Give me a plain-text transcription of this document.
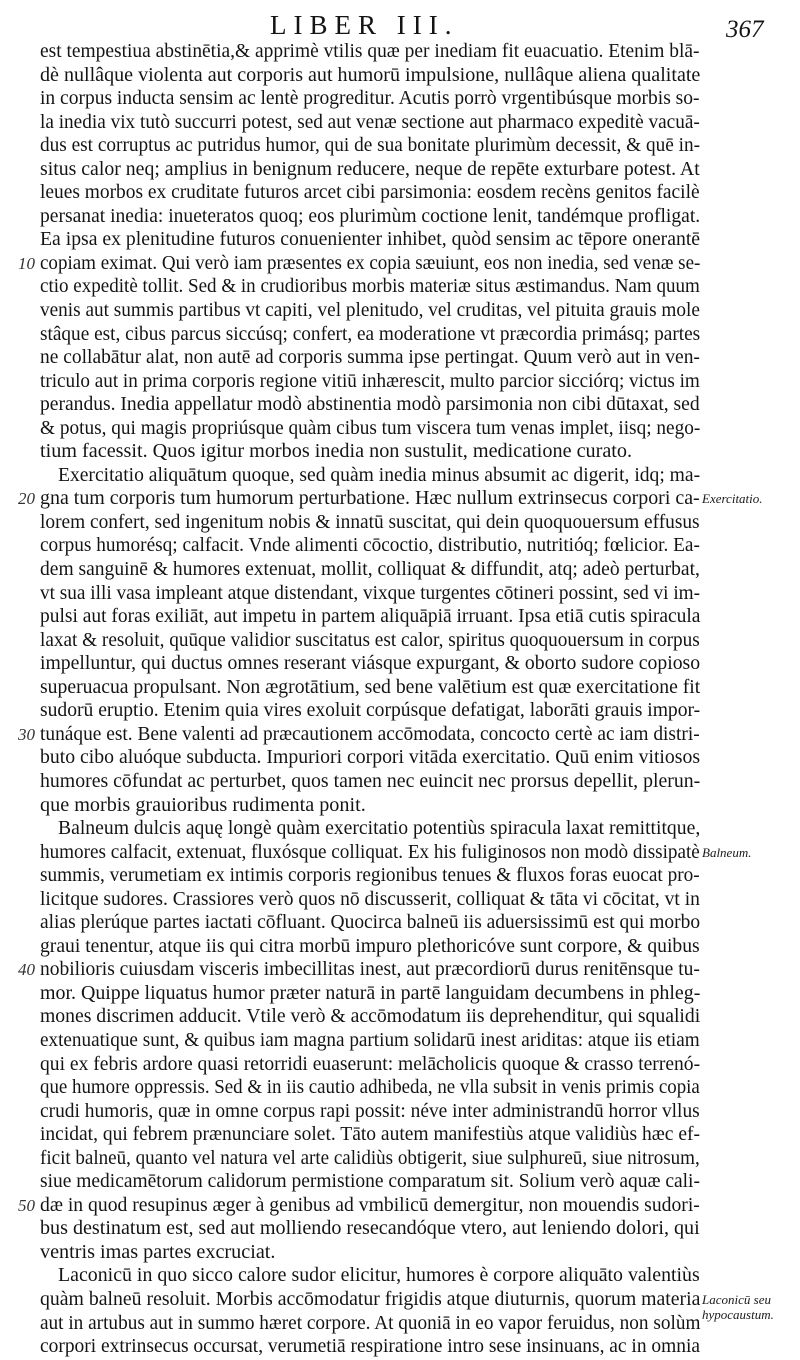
LIBER III.	367
est tempestiua abstinētia,& apprimè vtilis quæ per inediam fit euacuatio. Etenim blā-
dè nullâque violenta aut corporis aut humorū impulsione, nullâque aliena qualitate
in corpus inducta sensim ac lentè progreditur. Acutis porrò vrgentibúsque morbis so-
la inedia vix tutò succurri potest, sed aut venæ sectione aut pharmaco expeditè vacuā-
dus est corruptus ac putridus humor, qui de sua bonitate plurimùm decessit, & quē in-
situs calor neq; amplius in benignum reducere, neque de repēte exturbare potest. At
leues morbos ex cruditate futuros arcet cibi parsimonia: eosdem recèns genitos facilè
persanat inedia: inueteratos quoq; eos plurimùm coctione lenit, tandémque profligat.
Ea ipsa ex plenitudine futuros conuenienter inhibet, quòd sensim ac tēpore onerantē
10 copiam eximat. Qui verò iam præsentes ex copia sæuiunt, eos non inedia, sed venæ se-
ctio expeditè tollit. Sed & in crudioribus morbis materiæ situs æstimandus. Nam quum
venis aut summis partibus vt capiti, vel plenitudo, vel cruditas, vel pituita grauis mole
stâque est, cibus parcus siccúsq; confert, ea moderatione vt præcordia primásq; partes
ne collabātur alat, non autē ad corporis summa ipse pertingat. Quum verò aut in ven-
triculo aut in prima corporis regione vitiū inhærescit, multo parcior sicciórq; victus im
perandus. Inedia appellatur modò abstinentia modò parsimonia non cibi dūtaxat, sed
& potus, qui magis propriúsque quàm cibus tum viscera tum venas implet, iisq; nego-
tium facessit. Quos igitur morbos inedia non sustulit, medicatione curato.
Exercitatio aliquātum quoque, sed quàm inedia minus absumit ac digerit, idq; ma-
20 gna tum corporis tum humorum perturbatione. Hæc nullum extrinsecus corpori ca-
lorem confert, sed ingenitum nobis & innatū suscitat, qui dein quoquouersum effusus
corpus humorésq; calfacit. Vnde alimenti cōcoctio, distributio, nutritióq; fœlicior. Ea-
dem sanguinē & humores extenuat, mollit, colliquat & diffundit, atq; adeò perturbat,
vt sua illi vasa impleant atque distendant, vixque turgentes cōtineri possint, sed vi im-
pulsi aut foras exiliāt, aut impetu in partem aliquāpiā irruant. Ipsa etiā cutis spiracula
laxat & resoluit, quūque validior suscitatus est calor, spiritus quoquouersum in corpus
impelluntur, qui ductus omnes reserant viásque expurgant, & oborto sudore copioso
superuacua propulsant. Non ægrotātium, sed bene valētium est quæ exercitatione fit
sudorū eruptio. Etenim quia vires exoluit corpúsque defatigat, laborāti grauis impor-
30 tunáque est. Bene valenti ad præcautionem accōmodata, concocto certè ac iam distri-
buto cibo aluóque subducta. Impuriori corpori vitāda exercitatio. Quū enim vitiosos
humores cōfundat ac perturbet, quos tamen nec euincit nec prorsus depellit, plerun-
que morbis grauioribus rudimenta ponit.
Balneum dulcis aquę longè quàm exercitatio potentiùs spiracula laxat remittitque,
humores calfacit, extenuat, fluxósque colliquat. Ex his fuliginosos non modò dissipatè
summis, verumetiam ex intimis corporis regionibus tenues & fluxos foras euocat pro-
licitque sudores. Crassiores verò quos nō discusserit, colliquat & tāta vi cōcitat, vt in
alias plerúque partes iactati cōfluant. Quocirca balneū iis aduersissimū est qui morbo
graui tenentur, atque iis qui citra morbū impuro plethoricóve sunt corpore, & quibus
40 nobilioris cuiusdam visceris imbecillitas inest, aut præcordiorū durus renitēnsque tu-
mor. Quippe liquatus humor præter naturā in partē languidam decumbens in phleg-
mones discrimen adducit. Vtile verò & accōmodatum iis deprehenditur, qui squalidi
extenuatique sunt, & quibus iam magna partium solidarū inest ariditas: atque iis etiam
qui ex febris ardore quasi retorridi euaserunt: melācholicis quoque & crasso terrenó-
que humore oppressis. Sed & in iis cautio adhibeda, ne vlla subsit in venis primis copia
crudi humoris, quæ in omne corpus rapi possit: néve inter administrandū horror vllus
incidat, qui febrem prænunciare solet. Tāto autem manifestiùs atque validiùs hæc ef-
ficit balneū, quanto vel natura vel arte calidiùs obtigerit, siue sulphureū, siue nitrosum,
siue medicamētorum calidorum permistione comparatum sit. Solium verò aquæ cali-
50 dæ in quod resupinus æger à genibus ad vmbilicū demergitur, non mouendis sudori-
bus destinatum est, sed aut molliendo resecandóque vtero, aut leniendo dolori, qui
ventris imas partes excruciat.
Laconicū in quo sicco calore sudor elicitur, humores è corpore aliquāto valentiùs
quàm balneū resoluit. Morbis accōmodatur frigidis atque diuturnis, quorum materia
aut in artubus aut in summo hæret corpore. At quoniā in eo vapor feruidus, non solùm
corpori extrinsecus occursat, verumetiā respiratione intro sese insinuans, ac in omnia
Exercitatio.
Balneum.
Laconicū seu
hypocaustum.
